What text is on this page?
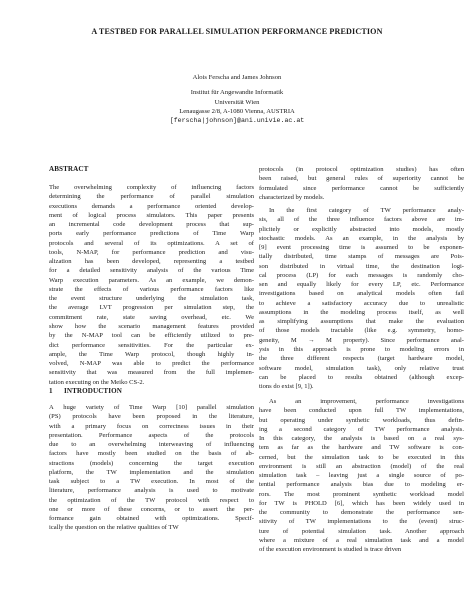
A TESTBED FOR PARALLEL SIMULATION PERFORMANCE PREDICTION
Alois Ferscha and James Johnson
Institut für Angewandte Informatik
Universität Wien
Lenaugasse 2/8, A-1080 Vienna, AUSTRIA
[ferscha|johnson]@ani.univie.ac.at
ABSTRACT
The overwhelming complexity of influencing factors
determining the performance of parallel simulation
executions demands a performance oriented develop-
ment of logical process simulators. This paper presents
an incremental code development process that sup-
ports early performance predictions of Time Warp
protocols and several of its optimizations. A set of
tools, N-MAP, for performance prediction and visu-
alization has been developed, representing a testbed
for a detailed sensitivity analysis of the various Time
Warp execution parameters. As an example, we demon-
strate the effects of various performance factors like
the event structure underlying the simulation task,
the average LVT progression per simulation step, the
commitment rate, state saving overhead, etc. We
show how the scenario management features provided
by the N-MAP tool can be efficiently utilized to pre-
dict performance sensitivities. For the particular ex-
ample, the Time Warp protocol, though highly in-
volved, N-MAP was able to predict the performance
sensitivity that was measured from the full implemen-
tation executing on the Meiko CS-2.
1 INTRODUCTION
A huge variety of Time Warp [10] parallel simulation
(PS) protocols have been proposed in the literature,
with a primary focus on correctness issues in their
presentation. Performance aspects of the protocols
due to an overwhelming interweaving of influencing
factors have mostly been studied on the basis of ab-
stractions (models) concerning the target execution
platform, the TW implementation and the simulation
task subject to a TW execution. In most of the
literature, performance analysis is used to motivate
the optimization of the TW protocol with respect to
one or more of these concerns, or to assert the per-
formance gain obtained with optimizations. Specif-
ically the question on the relative qualities of TW
protocols (in protocol optimization studies) has often
been raised, but general rules of superiority cannot be
formulated since performance cannot be sufficiently
characterized by models.
In the first category of TW performance analy-
sis, all of the three influence factors above are im-
plicitely or explicitly abstracted into models, mostly
stochastic models. As an example, in the analysis by
[9] event processing time is assumed to be exponen-
tially distributed, time stamps of messages are Pois-
son distributed in virtual time, the destination logi-
cal process (LP) for each messages is randomly cho-
sen and equally likely for every LP, etc. Performance
investigations based on analytical models often fail
to achieve a satisfactory accuracy due to unrealistic
assumptions in the modeling process itself, as well
as simplifying assumptions that make the evaluation
of those models tractable (like e.g. symmetry, homo-
geneity, M → M property). Since performance anal-
ysis in this approach is prone to modeling errors in
the three different respects (target hardware model,
software model, simulation task), only relative trust
can be placed to results obtained (although excep-
tions do exist [9, 1]).
As an improvement, performance investigations
have been conducted upon full TW implementations,
but operating under synthetic workloads, thus defin-
ing a second category of TW performance analysis.
In this category, the analysis is based on a real sys-
tem as far as the hardware and TW software is con-
cerned, but the simulation task to be executed in this
environment is still an abstraction (model) of the real
simulation task – leaving just a single source of po-
tential performance analysis bias due to modeling er-
rors. The most prominent synthetic workload model
for TW is PHOLD [6], which has been widely used in
the community to demonstrate the performance sen-
sitivity of TW implementations to the (event) struc-
ture of potential simulation task. Another approach
where a mixture of a real simulation task and a model
of the execution environment is studied is trace driven
